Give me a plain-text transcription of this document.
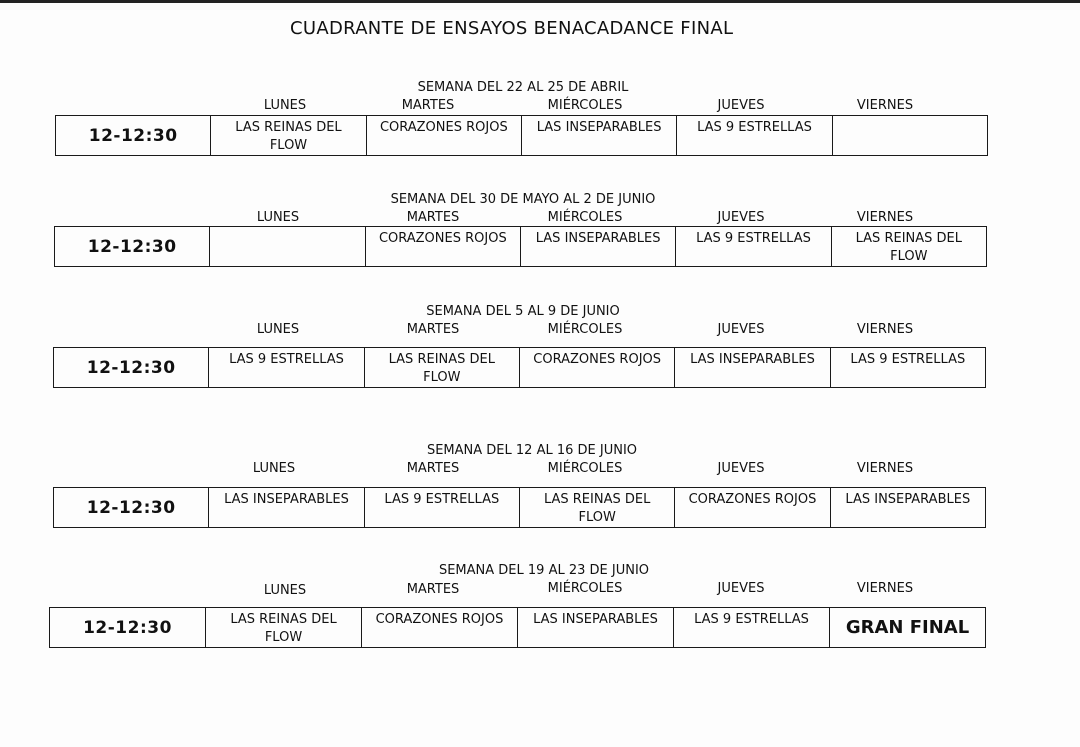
CUADRANTE DE ENSAYOS BENACADANCE FINAL
SEMANA DEL 22 AL 25 DE ABRIL
LUNES	MARTES	MIÉRCOLES	JUEVES	VIERNES
12-12:30	LAS REINAS DEL FLOW	CORAZONES ROJOS	LAS INSEPARABLES	LAS 9 ESTRELLAS	
SEMANA DEL 30 DE MAYO AL 2 DE JUNIO
LUNES	MARTES	MIÉRCOLES	JUEVES	VIERNES
12-12:30		CORAZONES ROJOS	LAS INSEPARABLES	LAS 9 ESTRELLAS	LAS REINAS DEL FLOW
SEMANA DEL 5 AL 9 DE JUNIO
LUNES	MARTES	MIÉRCOLES	JUEVES	VIERNES
12-12:30	LAS 9 ESTRELLAS	LAS REINAS DEL FLOW	CORAZONES ROJOS	LAS INSEPARABLES	LAS 9 ESTRELLAS
SEMANA DEL 12 AL 16 DE JUNIO
LUNES	MARTES	MIÉRCOLES	JUEVES	VIERNES
12-12:30	LAS INSEPARABLES	LAS 9 ESTRELLAS	LAS REINAS DEL FLOW	CORAZONES ROJOS	LAS INSEPARABLES
SEMANA DEL 19 AL 23 DE JUNIO
LUNES	MARTES	MIÉRCOLES	JUEVES	VIERNES
12-12:30	LAS REINAS DEL FLOW	CORAZONES ROJOS	LAS INSEPARABLES	LAS 9 ESTRELLAS	GRAN FINAL
